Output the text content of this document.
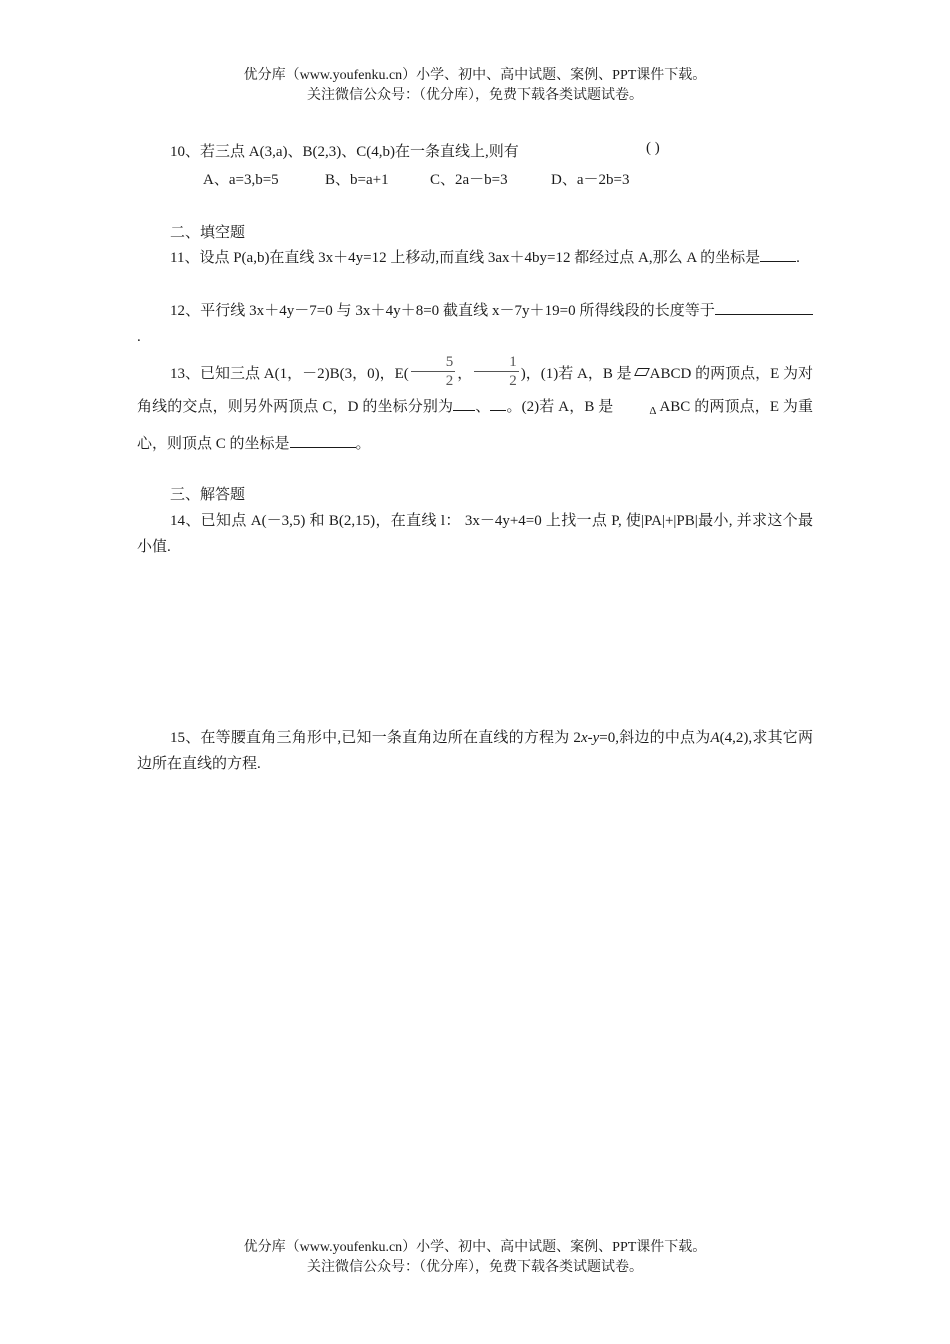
优分库（www.youfenku.cn）小学、初中、高中试题、案例、PPT课件下载。
关注微信公众号：（优分库），免费下载各类试题试卷。
10、若三点 A(3,a)、B(2,3)、C(4,b)在一条直线上,则有	( )
A、a=3,b=5	B、b=a+1	C、2a－b=3	D、a－2b=3
二、填空题
11、设点 P(a,b)在直线 3x＋4y=12 上移动,而直线 3ax＋4by=12 都经过点 A,那么 A 的坐标是 .
12、平行线 3x＋4y－7=0 与 3x＋4y＋8=0 截直线 x－7y＋19=0 所得线段的长度等于.
13、已知三点 A(1，－2)B(3，0)，$E( \frac{5}{2}$ ， $\frac{1}{2}$ )，(1)若 A，B 是 ABCD 的两顶点，E 为对角线的交点，则另外两顶点 C，D 的坐标分别为 、 。(2)若 A，B 是	Δ ABC 的两顶点，E 为重心，则顶点 C 的坐标是	。
三、解答题
14、已知点 A(－3,5) 和 B(2,15)，在直线 l： 3x－4y+4=0 上找一点 P, 使|PA|+|PB|最小, 并求这个最小值.
15、在等腰直角三角形中,已知一条直角边所在直线的方程为 2x-y=0,斜边的中点为A(4,2),求其它两边所在直线的方程.
优分库（www.youfenku.cn）小学、初中、高中试题、案例、PPT课件下载。
关注微信公众号：（优分库），免费下载各类试题试卷。
